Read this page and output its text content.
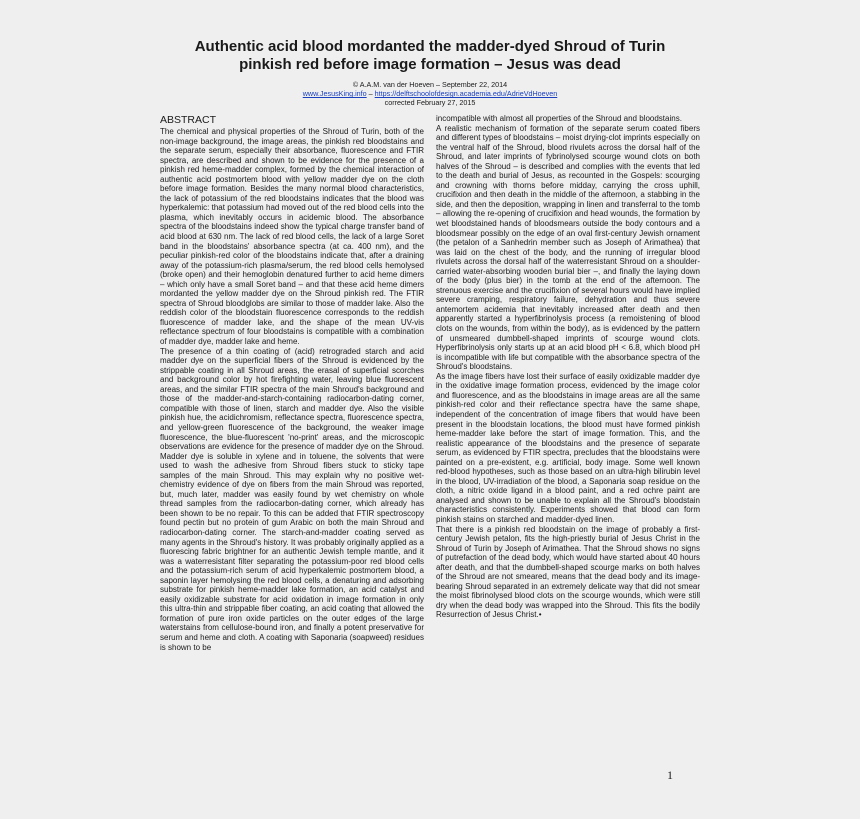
Authentic acid blood mordanted the madder-dyed Shroud of Turin
pinkish red before image formation – Jesus was dead
© A.A.M. van der Hoeven – September 22, 2014
www.JesusKing.info – https://delftschoolofdesign.academia.edu/AdrieVdHoeven
corrected February 27, 2015
ABSTRACT

The chemical and physical properties of the Shroud of Turin, both of the non-image background, the image areas, the pinkish red bloodstains and the separate serum, especially their absorbance, fluorescence and FTIR spectra, are described and shown to be evidence for the presence of a pinkish red heme-madder complex, formed by the chemical interaction of authentic acid postmortem blood with yellow madder dye on the cloth before image formation. Besides the many normal blood characteristics, the lack of potassium of the red bloodstains indicates that the blood was hyperkalemic: that potassium had moved out of the red blood cells into the plasma, which inevitably occurs in acidemic blood. The absorbance spectra of the bloodstains indeed show the typical charge transfer band of acid blood at 630 nm. The lack of red blood cells, the lack of a large Soret band in the bloodstains' absorbance spectra (at ca. 400 nm), and the peculiar pinkish-red color of the bloodstains indicate that, after a draining away of the potassium-rich plasma/serum, the red blood cells hemolysed (broke open) and their hemoglobin denatured further to acid heme dimers – which only have a small Soret band – and that these acid heme dimers mordanted the yellow madder dye on the Shroud pinkish red. The FTIR spectra of Shroud bloodglobs are similar to those of madder lake. Also the reddish color of the bloodstain fluorescence corresponds to the reddish fluorescence of madder lake, and the shape of the mean UV-vis reflectance spectrum of four bloodstains is compatible with a combination of madder dye, madder lake and heme.

The presence of a thin coating of (acid) retrograded starch and acid madder dye on the superficial fibers of the Shroud is evidenced by the strippable coating in all Shroud areas, the erasal of superficial scorches and background color by hot firefighting water, leaving blue fluorescent areas, and the similar FTIR spectra of the main Shroud's background and those of the madder-and-starch-containing radiocarbon-dating corner, compatible with those of linen, starch and madder dye. Also the visible pinkish hue, the acidichromism, reflectance spectra, fluorescence spectra, and yellow-green fluorescence of the background, the weaker image fluorescence, the blue-fluorescent 'no-print' areas, and the microscopic observations are evidence for the presence of madder dye on the Shroud. Madder dye is soluble in xylene and in toluene, the solvents that were used to wash the adhesive from Shroud fibers stuck to sticky tape samples of the main Shroud. This may explain why no positive wet-chemistry evidence of dye on fibers from the main Shroud was reported, but, much later, madder was easily found by wet chemistry on whole thread samples from the radiocarbon-dating corner, which already has been shown to be no repair. To this can be added that FTIR spectroscopy found pectin but no protein of gum Arabic on both the main Shroud and radiocarbon-dating corner. The starch-and-madder coating served as many agents in the Shroud's history. It was probably originally applied as a fluorescing fabric brightner for an authentic Jewish temple mantle, and it was a waterresistant filter separating the potassium-poor red blood cells and the potassium-rich serum of acid hyperkalemic postmortem blood, a saponin layer hemolysing the red blood cells, a denaturing and adsorbing substrate for pinkish heme-madder lake formation, an acid catalyst and easily oxidizable substrate for acid oxidation in image formation in only this ultra-thin and strippable fiber coating, an acid coating that allowed the formation of pure iron oxide particles on the outer edges of the large waterstains from cellulose-bound iron, and finally a potent preservative for serum and heme and cloth. A coating with Saponaria (soapweed) residues is shown to be

incompatible with almost all properties of the Shroud and bloodstains.

A realistic mechanism of formation of the separate serum coated fibers and different types of bloodstains – moist drying-clot imprints especially on the ventral half of the Shroud, blood rivulets across the dorsal half of the Shroud, and later imprints of fybrinolysed scourge wound clots on both halves of the Shroud – is described and complies with the events that led to the death and burial of Jesus, as recounted in the Gospels: scourging and crowning with thorns before midday, carrying the cross uphill, crucifixion and then death in the middle of the afternoon, a stabbing in the side, and then the deposition, wrapping in linen and transferral to the tomb – allowing the re-opening of crucifixion and head wounds, the formation by wet bloodstained hands of bloodsmears outside the body contours and a bloodsmear possibly on the edge of an oval first-century Jewish ornament (the petalon of a Sanhedrin member such as Joseph of Arimathea) that was laid on the chest of the body, and the running of irregular blood rivulets across the dorsal half of the waterresistant Shroud on a shoulder-carried water-absorbing wooden burial bier –, and finally the laying down of the body (plus bier) in the tomb at the end of the afternoon. The strenuous exercise and the crucifixion of several hours would have implied severe cramping, respiratory failure, dehydration and thus severe antemortem acidemia that inevitably increased after death and then apparently started a hyperfibrinolysis process (a remoistening of blood clots on the wounds, from within the body), as is evidenced by the pattern of unsmeared dumbbell-shaped imprints of scourge wound clots. Hyperfibrinolysis only starts up at an acid blood pH < 6.8, which blood pH is incompatible with life but compatible with the absorbance spectra of the Shroud's bloodstains.

As the image fibers have lost their surface of easily oxidizable madder dye in the oxidative image formation process, evidenced by the image color and fluorescence, and as the bloodstains in image areas are all the same pinkish-red color and their reflectance spectra have the same shape, independent of the concentration of image fibers that would have been present in the bloodstain locations, the blood must have formed pinkish heme-madder lake before the start of image formation. This, and the realistic appearance of the bloodstains and the presence of separate serum, as evidenced by FTIR spectra, precludes that the bloodstains were painted on a pre-existent, e.g. artificial, body image. Some well known red-blood hypotheses, such as those based on an ultra-high bilirubin level in the blood, UV-irradiation of the blood, a Saponaria soap residue on the cloth, a nitric oxide ligand in a blood paint, and a red ochre paint are analysed and shown to be unable to explain all the Shroud's bloodstain characteristics consistently. Experiments showed that blood can form pinkish stains on starched and madder-dyed linen.

That there is a pinkish red bloodstain on the image of probably a first-century Jewish petalon, fits the high-priestly burial of Jesus Christ in the Shroud of Turin by Joseph of Arimathea. That the Shroud shows no signs of putrefaction of the dead body, which would have started about 40 hours after death, and that the dumbbell-shaped scourge marks on both halves of the Shroud are not smeared, means that the dead body and its image-bearing Shroud separated in an extremely delicate way that did not smear the moist fibrinolysed blood clots on the scourge wounds, which were still dry when the dead body was wrapped into the Shroud. This fits the bodily Resurrection of Jesus Christ.•

1
